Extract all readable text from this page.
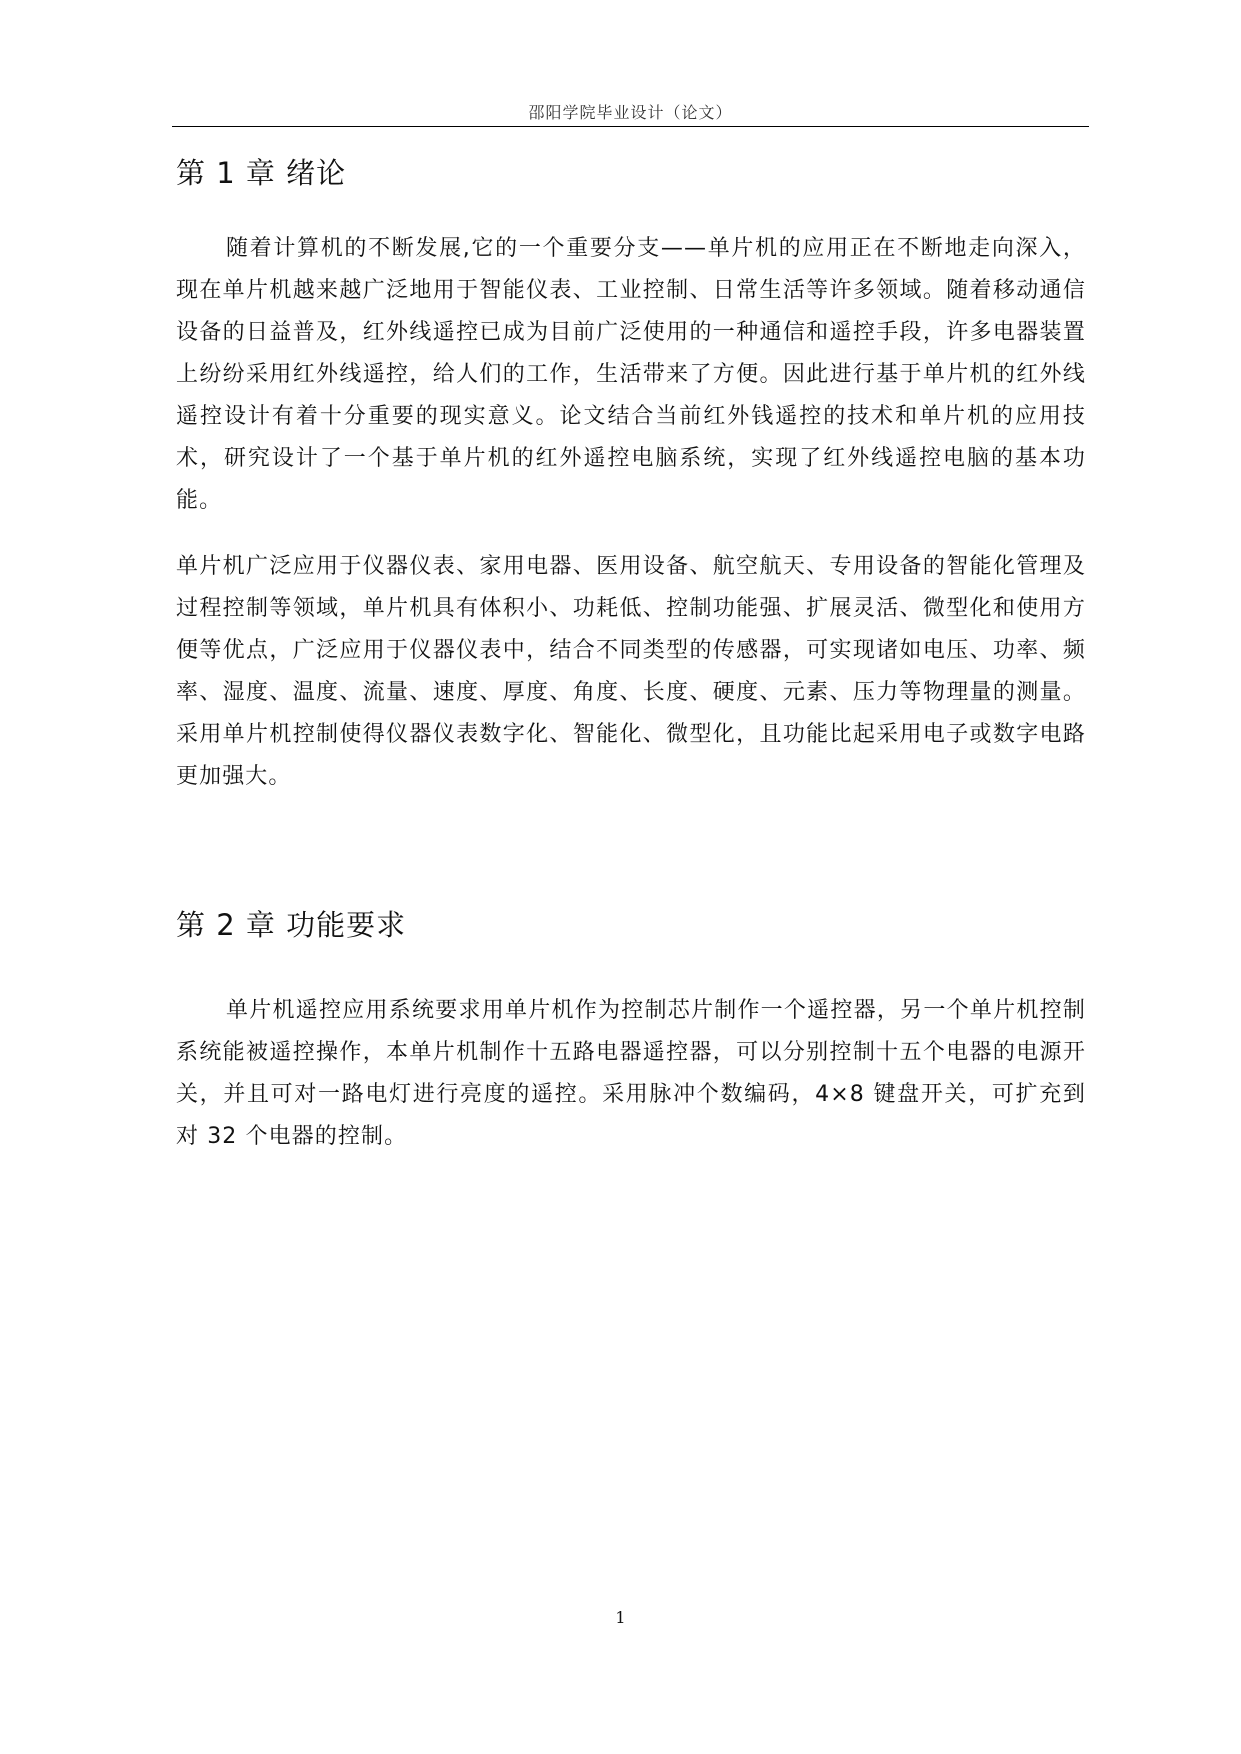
邵阳学院毕业设计（论文）
第 1 章 绪论

随着计算机的不断发展,它的一个重要分支——单片机的应用正在不断地走向深入，现在单片机越来越广泛地用于智能仪表、工业控制、日常生活等许多领域。随着移动通信设备的日益普及，红外线遥控已成为目前广泛使用的一种通信和遥控手段，许多电器装置上纷纷采用红外线遥控，给人们的工作，生活带来了方便。因此进行基于单片机的红外线遥控设计有着十分重要的现实意义。论文结合当前红外钱遥控的技术和单片机的应用技术，研究设计了一个基于单片机的红外遥控电脑系统，实现了红外线遥控电脑的基本功能。

单片机广泛应用于仪器仪表、家用电器、医用设备、航空航天、专用设备的智能化管理及过程控制等领域，单片机具有体积小、功耗低、控制功能强、扩展灵活、微型化和使用方便等优点，广泛应用于仪器仪表中，结合不同类型的传感器，可实现诸如电压、功率、频率、湿度、温度、流量、速度、厚度、角度、长度、硬度、元素、压力等物理量的测量。采用单片机控制使得仪器仪表数字化、智能化、微型化，且功能比起采用电子或数字电路更加强大。

第 2 章 功能要求

单片机遥控应用系统要求用单片机作为控制芯片制作一个遥控器，另一个单片机控制系统能被遥控操作，本单片机制作十五路电器遥控器，可以分别控制十五个电器的电源开关，并且可对一路电灯进行亮度的遥控。采用脉冲个数编码，4×8 键盘开关，可扩充到对 32 个电器的控制。

1
